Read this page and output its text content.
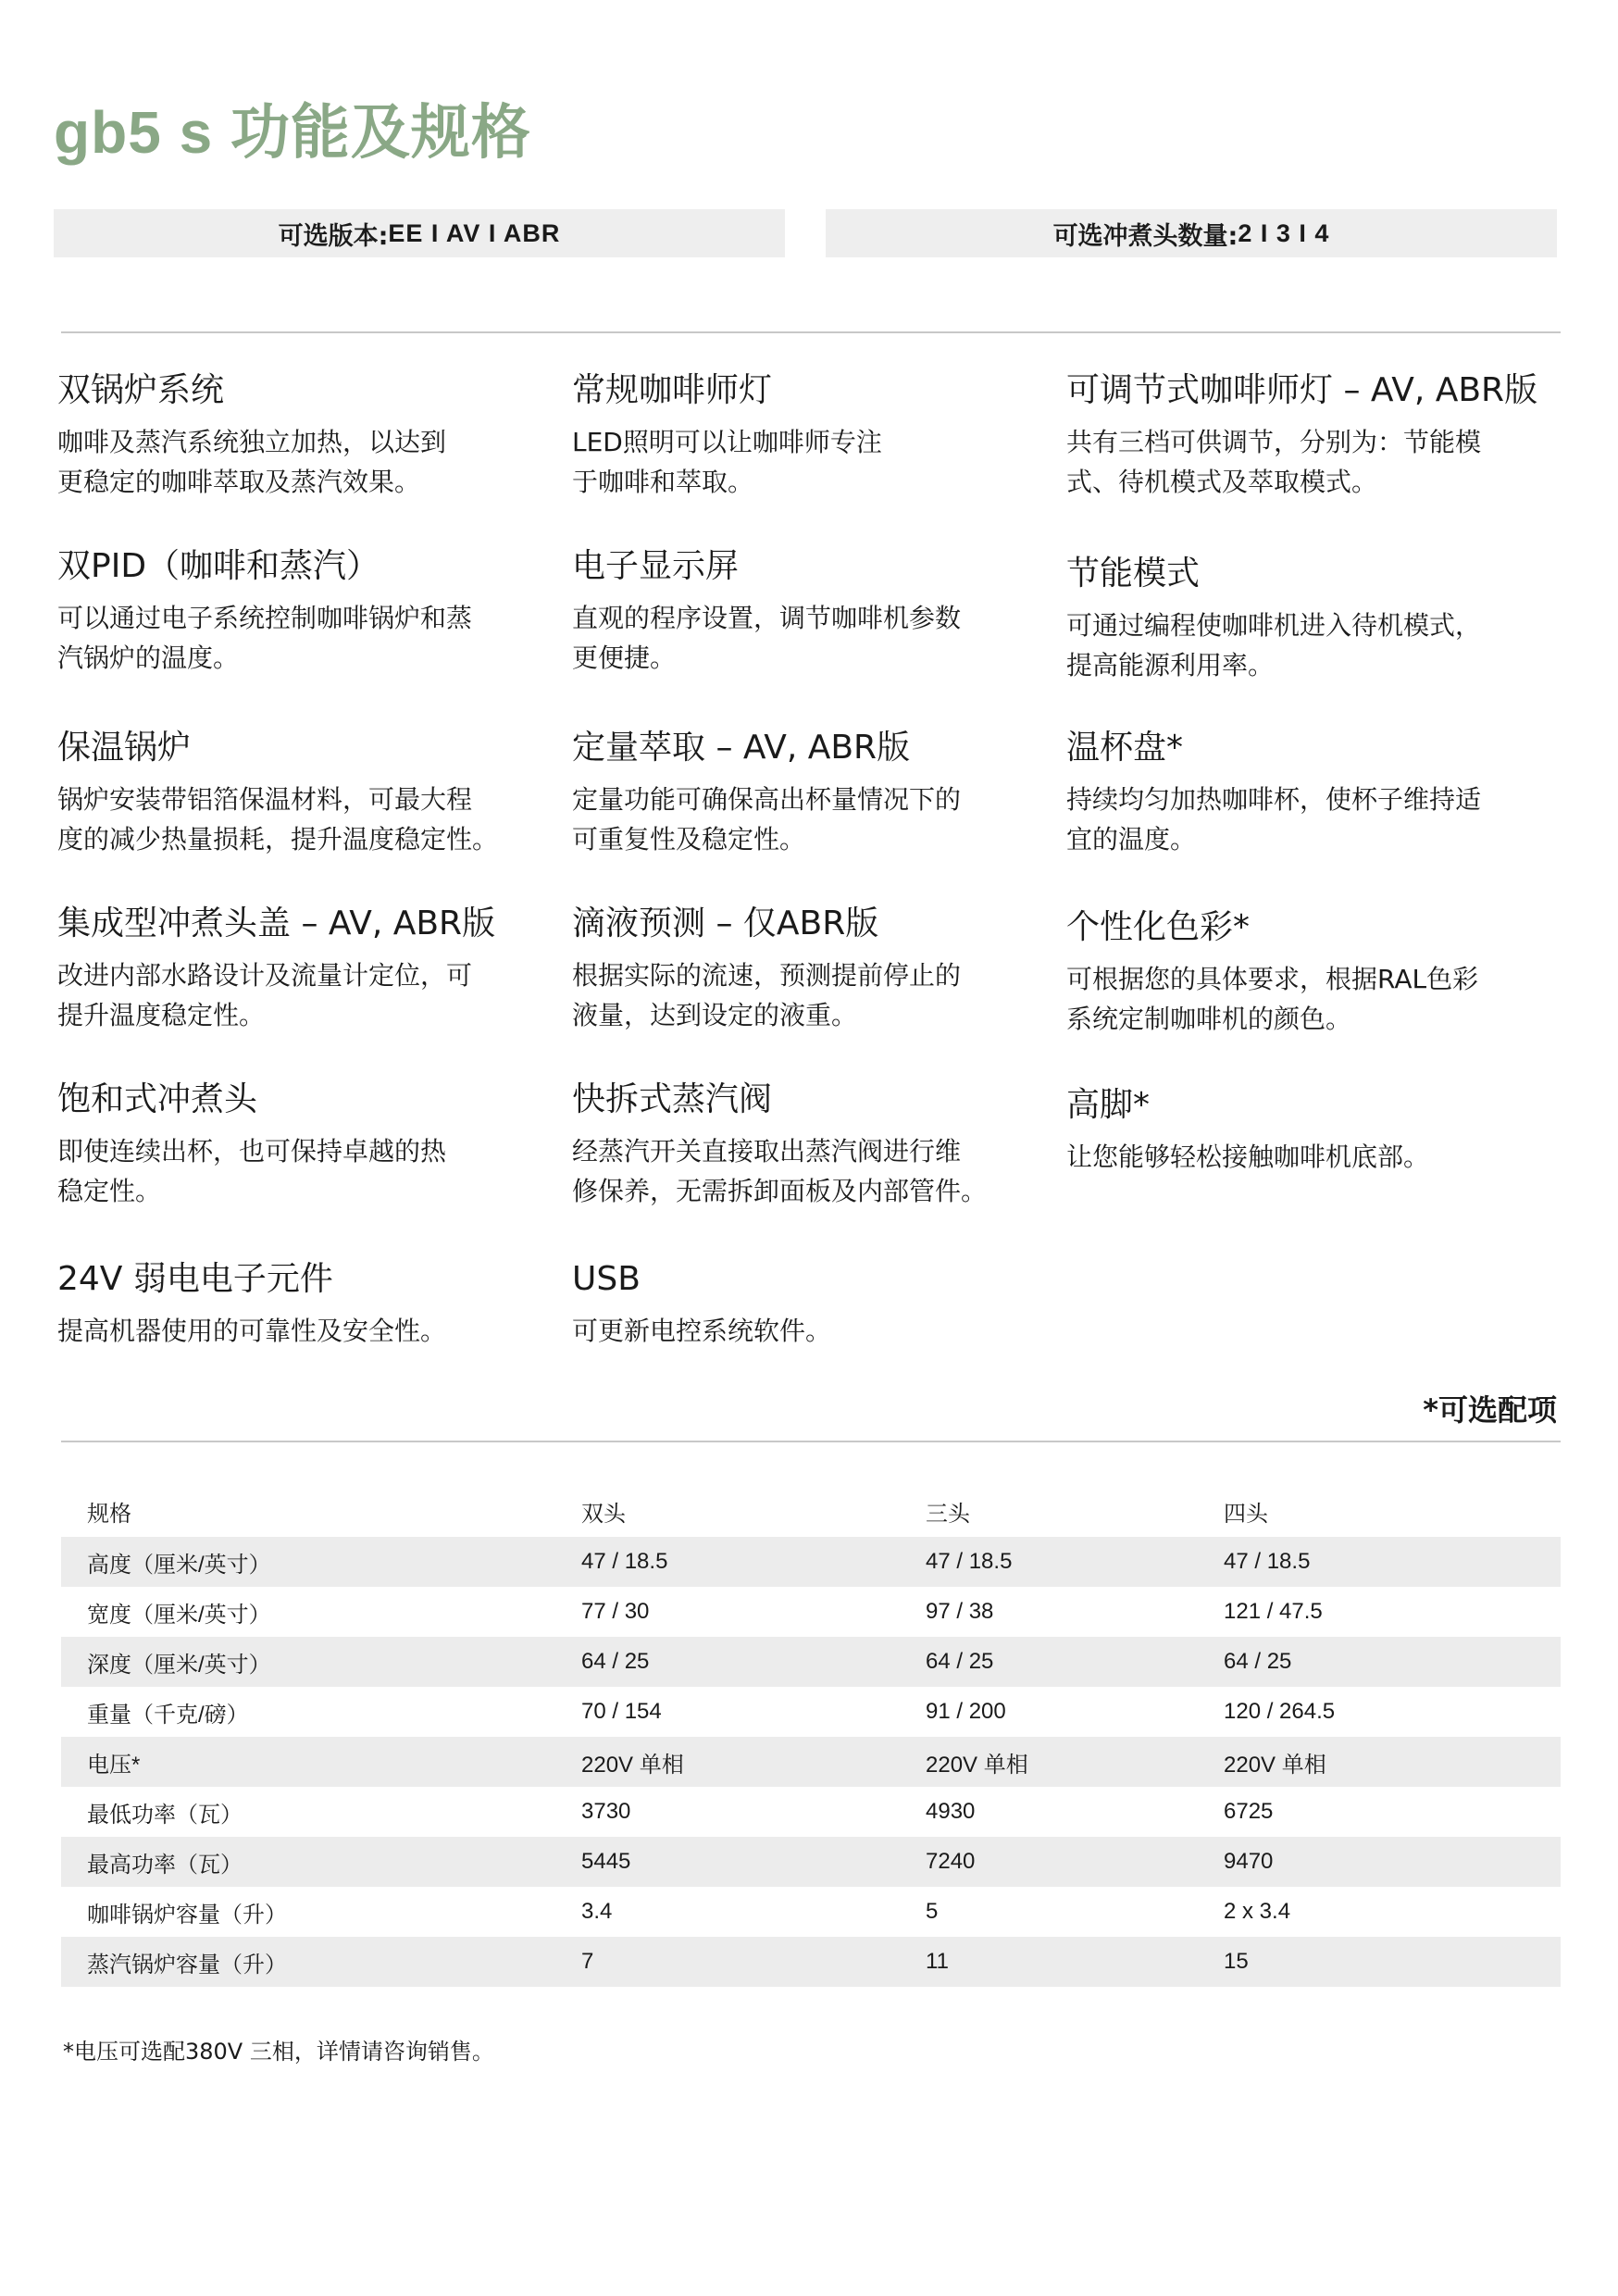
gb5 s 功能及规格
可选版本: EE I AV I ABR	可选冲煮头数量: 2 I 3 I 4
双锅炉系统
咖啡及蒸汽系统独立加热，以达到
更稳定的咖啡萃取及蒸汽效果。
常规咖啡师灯
LED照明可以让咖啡师专注
于咖啡和萃取。
可调节式咖啡师灯 – AV, ABR版
共有三档可供调节，分别为：节能模
式、待机模式及萃取模式。
双PID（咖啡和蒸汽）
可以通过电子系统控制咖啡锅炉和蒸
汽锅炉的温度。
电子显示屏
直观的程序设置，调节咖啡机参数
更便捷。
节能模式
可通过编程使咖啡机进入待机模式，
提高能源利用率。
保温锅炉
锅炉安装带铝箔保温材料，可最大程
度的减少热量损耗，提升温度稳定性。
定量萃取 – AV, ABR版
定量功能可确保高出杯量情况下的
可重复性及稳定性。
温杯盘*
持续均匀加热咖啡杯，使杯子维持适
宜的温度。
集成型冲煮头盖 – AV, ABR版
改进内部水路设计及流量计定位，可
提升温度稳定性。
滴液预测 – 仅ABR版
根据实际的流速，预测提前停止的
液量，达到设定的液重。
个性化色彩*
可根据您的具体要求，根据RAL色彩
系统定制咖啡机的颜色。
饱和式冲煮头
即使连续出杯，也可保持卓越的热
稳定性。
快拆式蒸汽阀
经蒸汽开关直接取出蒸汽阀进行维
修保养，无需拆卸面板及内部管件。
高脚*
让您能够轻松接触咖啡机底部。
24V 弱电电子元件
提高机器使用的可靠性及安全性。
USB
可更新电控系统软件。
*可选配项
规格	双头	三头	四头
高度（厘米/英寸）	47 / 18.5	47 / 18.5	47 / 18.5
宽度（厘米/英寸）	77 / 30	97 / 38	121 / 47.5
深度（厘米/英寸）	64 / 25	64 / 25	64 / 25
重量（千克/磅）	70 / 154	91 / 200	120 / 264.5
电压*	220V 单相	220V 单相	220V 单相
最低功率（瓦）	3730	4930	6725
最高功率（瓦）	5445	7240	9470
咖啡锅炉容量（升）	3.4	5	2 x 3.4
蒸汽锅炉容量（升）	7	11	15
*电压可选配380V 三相，详情请咨询销售。
